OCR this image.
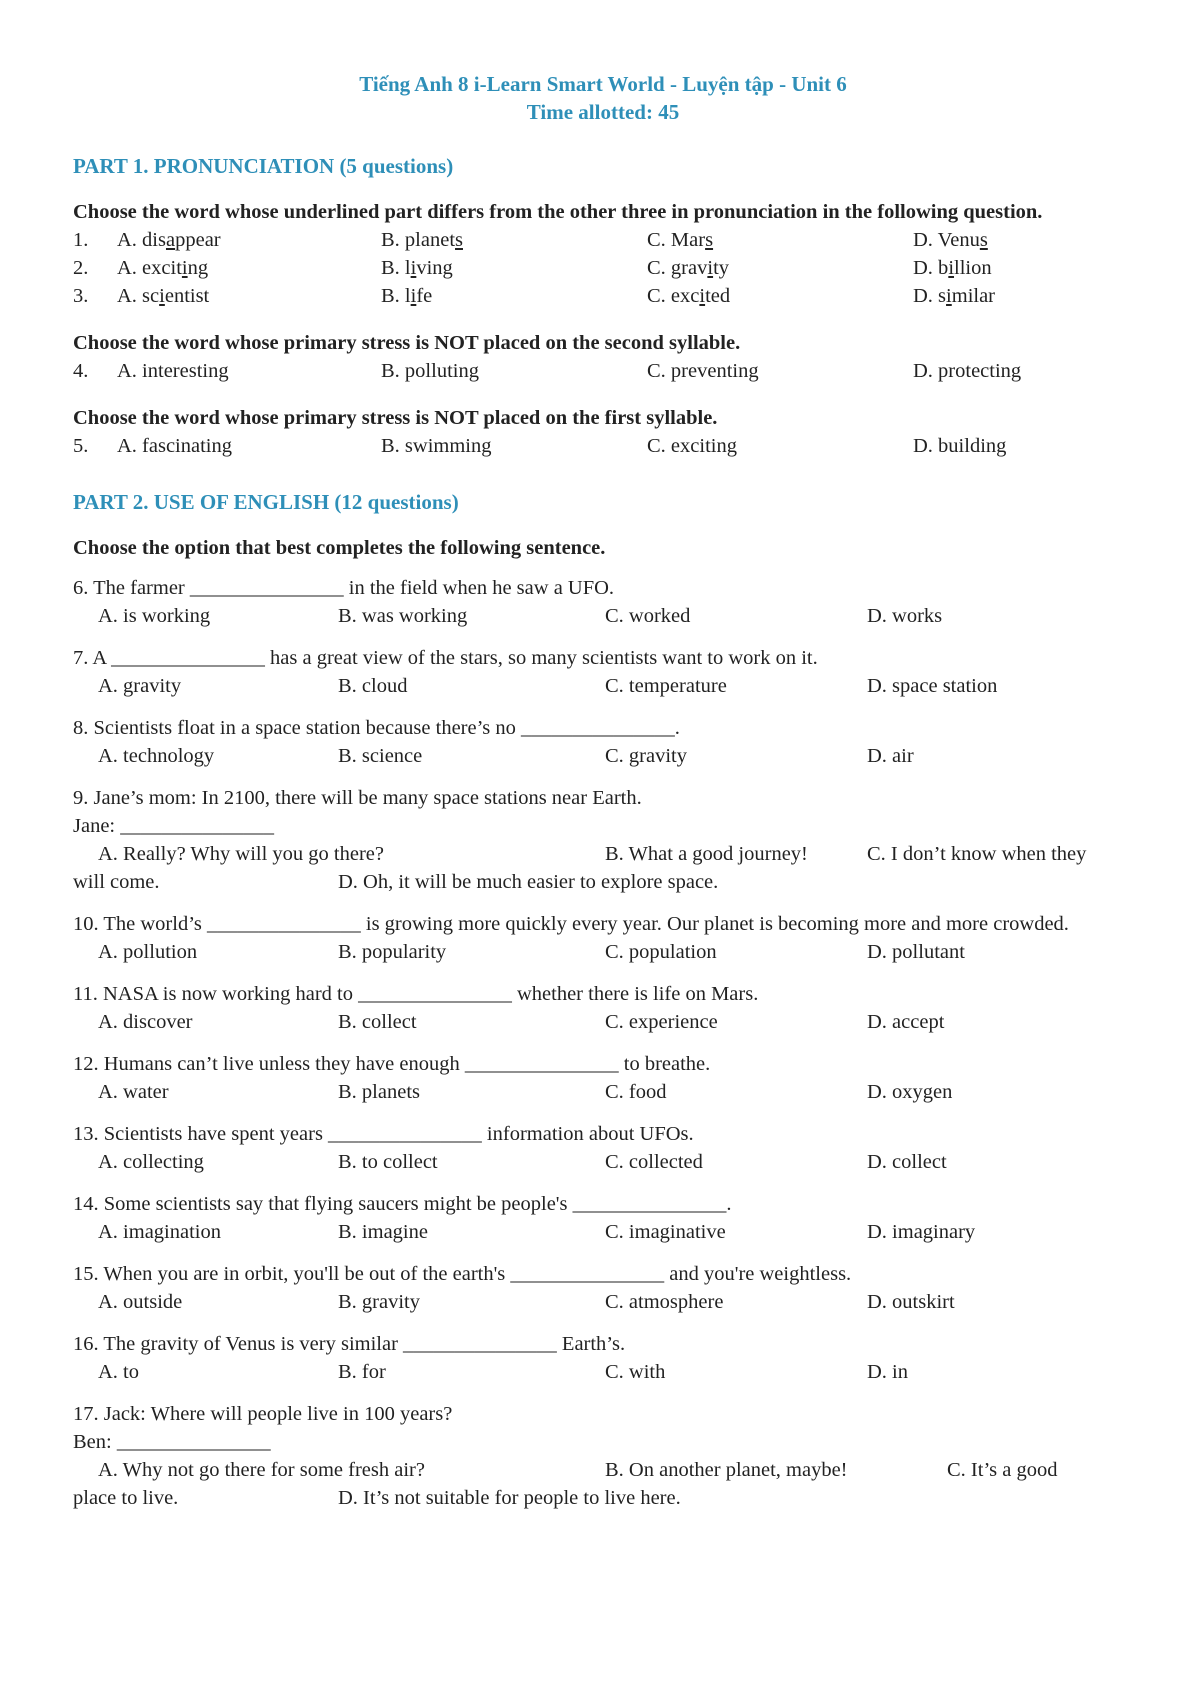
Tiếng Anh 8 i-Learn Smart World - Luyện tập - Unit 6
Time allotted: 45
PART 1. PRONUNCIATION (5 questions)
Choose the word whose underlined part differs from the other three in pronunciation in the following question.
1.	A. disappear	B. planets	C. Mars	D. Venus
2.	A. exciting	B. living	C. gravity	D. billion
3.	A. scientist	B. life	C. excited	D. similar
Choose the word whose primary stress is NOT placed on the second syllable.
4.	A. interesting	B. polluting	C. preventing	D. protecting
Choose the word whose primary stress is NOT placed on the first syllable.
5.	A. fascinating	B. swimming	C. exciting	D. building
PART 2. USE OF ENGLISH (12 questions)
Choose the option that best completes the following sentence.
6. The farmer _______________ in the field when he saw a UFO.
A. is working	B. was working	C. worked	D. works
7. A _______________ has a great view of the stars, so many scientists want to work on it.
A. gravity	B. cloud	C. temperature	D. space station
8. Scientists float in a space station because there’s no _______________.
A. technology	B. science	C. gravity	D. air
9. Jane’s mom: In 2100, there will be many space stations near Earth.
Jane: _______________
A. Really? Why will you go there?	B. What a good journey!	C. I don’t know when they
will come.	D. Oh, it will be much easier to explore space.
10. The world’s _______________ is growing more quickly every year. Our planet is becoming more and more crowded.
A. pollution	B. popularity	C. population	D. pollutant
11. NASA is now working hard to _______________ whether there is life on Mars.
A. discover	B. collect	C. experience	D. accept
12. Humans can’t live unless they have enough _______________ to breathe.
A. water	B. planets	C. food	D. oxygen
13. Scientists have spent years _______________ information about UFOs.
A. collecting	B. to collect	C. collected	D. collect
14. Some scientists say that flying saucers might be people's _______________.
A. imagination	B. imagine	C. imaginative	D. imaginary
15. When you are in orbit, you'll be out of the earth's _______________ and you're weightless.
A. outside	B. gravity	C. atmosphere	D. outskirt
16. The gravity of Venus is very similar _______________ Earth’s.
A. to	B. for	C. with	D. in
17. Jack: Where will people live in 100 years?
Ben: _______________
A. Why not go there for some fresh air?	B. On another planet, maybe!	C. It’s a good
place to live.	D. It’s not suitable for people to live here.
